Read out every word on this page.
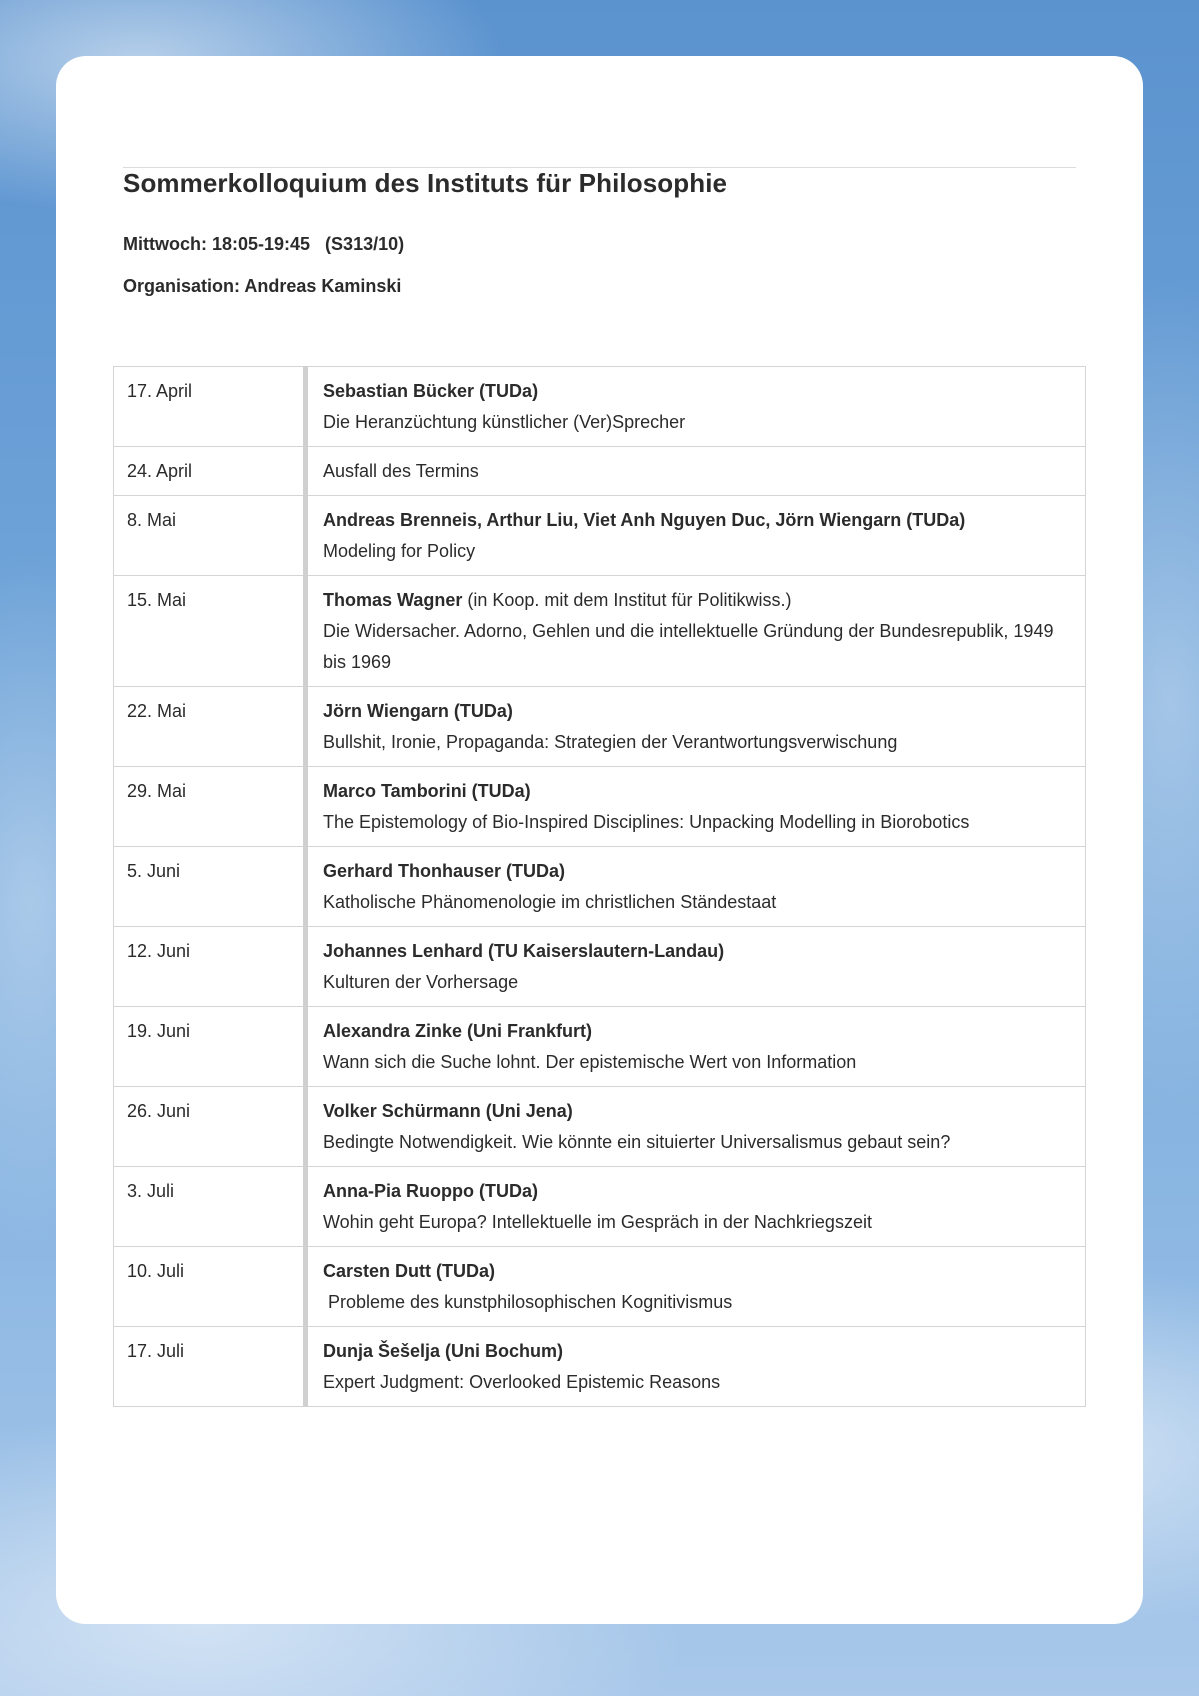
Sommerkolloquium des Instituts für Philosophie
Mittwoch: 18:05-19:45   (S313/10)
Organisation: Andreas Kaminski
17. April	Sebastian Bücker (TUDa)
Die Heranzüchtung künstlicher (Ver)Sprecher

24. April	Ausfall des Termins

8. Mai	Andreas Brenneis, Arthur Liu, Viet Anh Nguyen Duc, Jörn Wiengarn (TUDa)
Modeling for Policy

15. Mai	Thomas Wagner (in Koop. mit dem Institut für Politikwiss.)
Die Widersacher. Adorno, Gehlen und die intellektuelle Gründung der Bundesrepublik, 1949 bis 1969

22. Mai	Jörn Wiengarn (TUDa)
Bullshit, Ironie, Propaganda: Strategien der Verantwortungsverwischung

29. Mai	Marco Tamborini (TUDa)
The Epistemology of Bio-Inspired Disciplines: Unpacking Modelling in Biorobotics

5. Juni	Gerhard Thonhauser (TUDa)
Katholische Phänomenologie im christlichen Ständestaat

12. Juni	Johannes Lenhard (TU Kaiserslautern-Landau)
Kulturen der Vorhersage

19. Juni	Alexandra Zinke (Uni Frankfurt)
Wann sich die Suche lohnt. Der epistemische Wert von Information

26. Juni	Volker Schürmann (Uni Jena)
Bedingte Notwendigkeit. Wie könnte ein situierter Universalismus gebaut sein?

3. Juli	Anna-Pia Ruoppo (TUDa)
Wohin geht Europa? Intellektuelle im Gespräch in der Nachkriegszeit

10. Juli	Carsten Dutt (TUDa)
Probleme des kunstphilosophischen Kognitivismus

17. Juli	Dunja Šešelja (Uni Bochum)
Expert Judgment: Overlooked Epistemic Reasons
